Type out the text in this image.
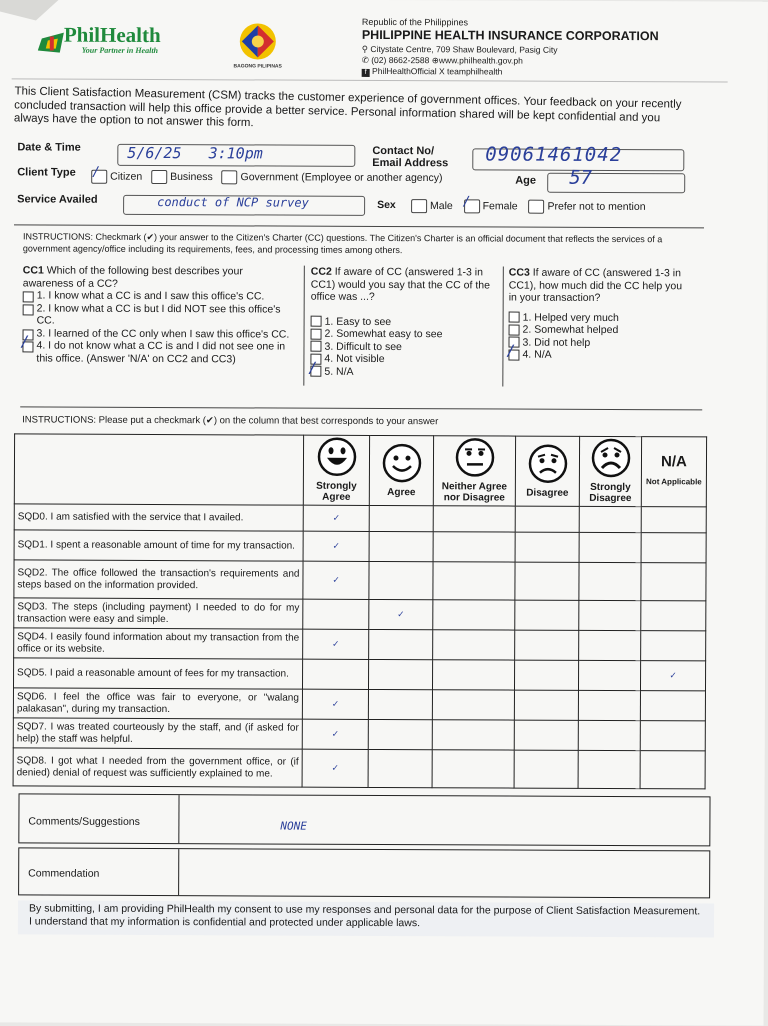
PhilHealth
Your Partner in Health
BAGONG PILIPINAS
Republic of the Philippines
PHILIPPINE HEALTH INSURANCE CORPORATION
⚲ Citystate Centre, 709 Shaw Boulevard, Pasig City
✆ (02) 8662-2588 ⊕www.philhealth.gov.ph
f PhilHealthOfficial X teamphilhealth
This Client Satisfaction Measurement (CSM) tracks the customer experience of government offices. Your feedback on your recently concluded transaction will help this office provide a better service. Personal information shared will be kept confidential and you always have the option to not answer this form.
Date & Time	5/6/25   3:10pm	Contact No/
Email Address 09061461042
Client Type / Citizen	Business	Government (Employee or another agency)	Age 57
Service Availed	conduct of NCP survey	Sex	Male / Female	Prefer not to mention
INSTRUCTIONS: Checkmark (✔) your answer to the Citizen's Charter (CC) questions. The Citizen's Charter is an official document that reflects the services of a government agency/office including its requirements, fees, and processing times among others.
CC1 Which of the following best describes your awareness of a CC?
1. I know what a CC is and I saw this office's CC.
2. I know what a CC is but I did NOT see this office's CC.
3. I learned of the CC only when I saw this office's CC.
/ 4. I do not know what a CC is and I did not see one in this office. (Answer 'N/A' on CC2 and CC3)
CC2 If aware of CC (answered 1-3 in CC1) would you say that the CC of the office was ...?
1. Easy to see
2. Somewhat easy to see
3. Difficult to see
4. Not visible
/ 5. N/A
CC3 If aware of CC (answered 1-3 in CC1), how much did the CC help you in your transaction?
1. Helped very much
2. Somewhat helped
3. Did not help
/ 4. N/A
INSTRUCTIONS: Please put a checkmark (✔) on the column that best corresponds to your answer

	Strongly Agree	Agree	Neither Agree nor Disagree	Disagree	Strongly Disagree	N/A
Not Applicable

SQD0. I am satisfied with the service that I availed.	✓					
SQD1. I spent a reasonable amount of time for my transaction.	✓					
SQD2. The office followed the transaction's requirements and steps based on the information provided.	✓					
SQD3. The steps (including payment) I needed to do for my transaction were easy and simple.		✓				
SQD4. I easily found information about my transaction from the office or its website.	✓					
SQD5. I paid a reasonable amount of fees for my transaction.						✓
SQD6. I feel the office was fair to everyone, or "walang palakasan", during my transaction.	✓					
SQD7. I was treated courteously by the staff, and (if asked for help) the staff was helpful.	✓					
SQD8. I got what I needed from the government office, or (if denied) denial of request was sufficiently explained to me.	✓					
Comments/Suggestions	NONE
Commendation
By submitting, I am providing PhilHealth my consent to use my responses and personal data for the purpose of Client Satisfaction Measurement. I understand that my information is confidential and protected under applicable laws.
